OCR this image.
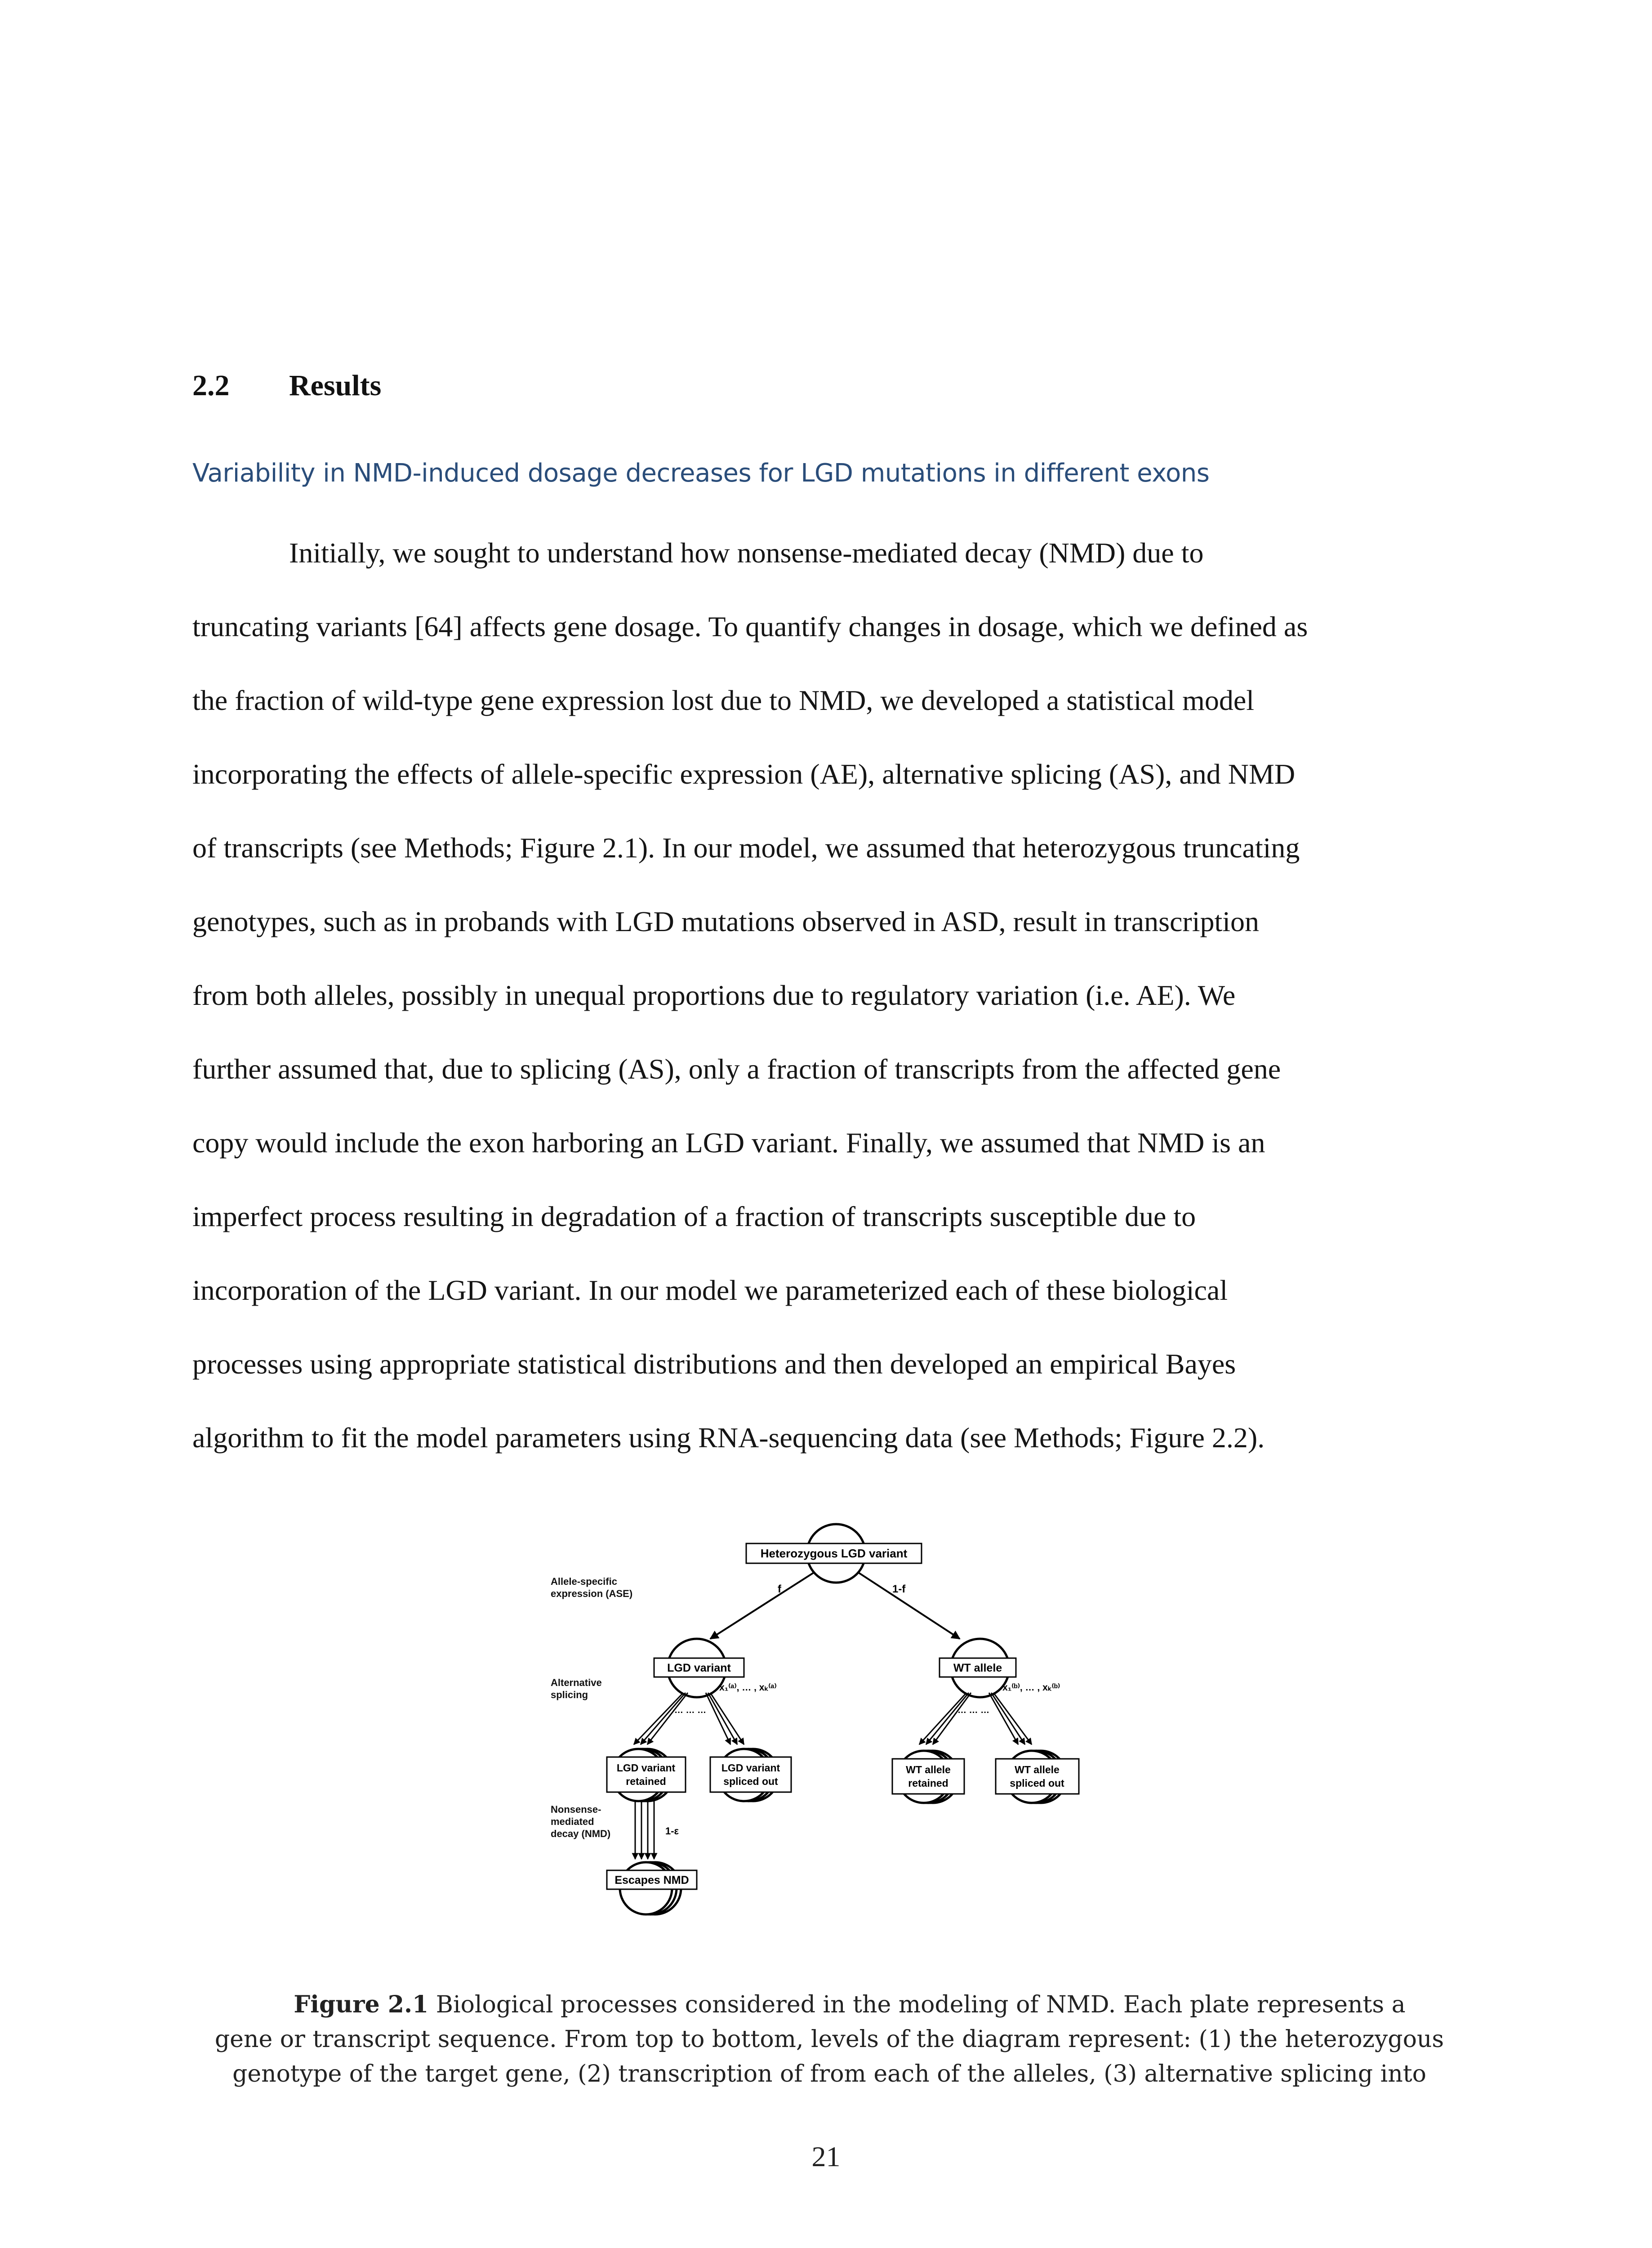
2.2 Results
Variability in NMD-induced dosage decreases for LGD mutations in different exons
Initially, we sought to understand how nonsense-mediated decay (NMD) due to
truncating variants [64] affects gene dosage. To quantify changes in dosage, which we defined as
the fraction of wild-type gene expression lost due to NMD, we developed a statistical model
incorporating the effects of allele-specific expression (AE), alternative splicing (AS), and NMD
of transcripts (see Methods; Figure 2.1). In our model, we assumed that heterozygous truncating
genotypes, such as in probands with LGD mutations observed in ASD, result in transcription
from both alleles, possibly in unequal proportions due to regulatory variation (i.e. AE). We
further assumed that, due to splicing (AS), only a fraction of transcripts from the affected gene
copy would include the exon harboring an LGD variant. Finally, we assumed that NMD is an
imperfect process resulting in degradation of a fraction of transcripts susceptible due to
incorporation of the LGD variant. In our model we parameterized each of these biological
processes using appropriate statistical distributions and then developed an empirical Bayes
algorithm to fit the model parameters using RNA-sequencing data (see Methods; Figure 2.2).
Allele-specific
expression (ASE)
Alternative
splicing
Nonsense-
mediated
decay (NMD)
Heterozygous LGD variant
f	1-f
LGD variant	WT allele
x₁⁽ᵃ⁾, … , xₖ⁽ᵃ⁾
… … …
x₁⁽ᵇ⁾, … , xₖ⁽ᵇ⁾
… … …
LGD variant
retained
LGD variant
spliced out
WT allele
retained
WT allele
spliced out
1-ε
Escapes NMD
Figure 2.1 Biological processes considered in the modeling of NMD. Each plate represents a
gene or transcript sequence. From top to bottom, levels of the diagram represent: (1) the heterozygous
genotype of the target gene, (2) transcription of from each of the alleles, (3) alternative splicing into
21
